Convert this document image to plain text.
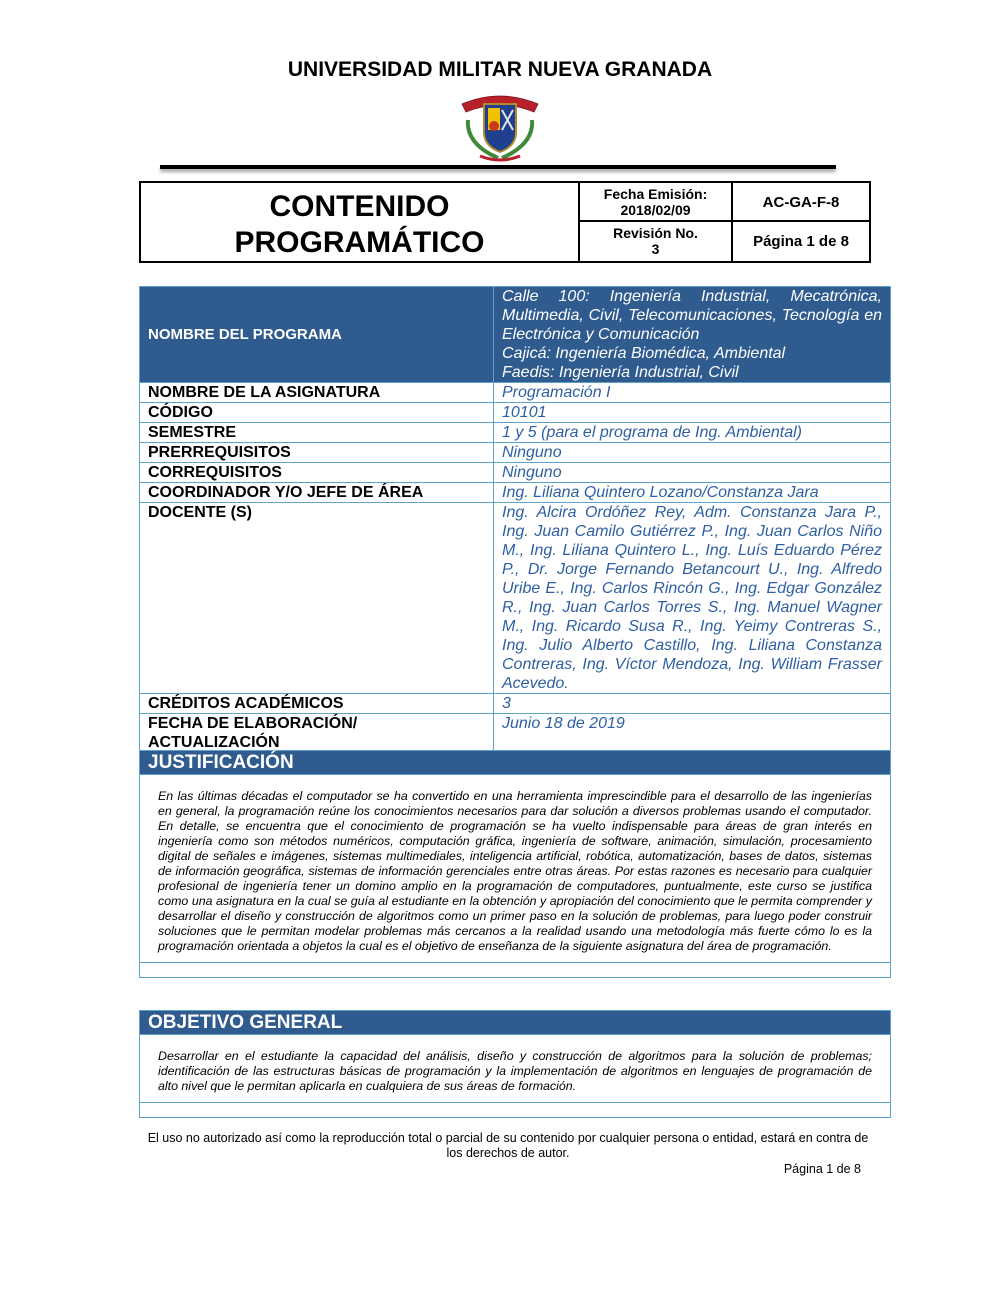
UNIVERSIDAD MILITAR NUEVA GRANADA
CONTENIDO
PROGRAMÁTICO
Fecha Emisión:
2018/02/09	AC-GA-F-8
Revisión No.
3	Página 1 de 8
NOMBRE DEL PROGRAMA	Calle 100: Ingeniería Industrial, Mecatrónica, Multimedia, Civil, Telecomunicaciones, Tecnología en Electrónica y Comunicación
Cajicá: Ingeniería Biomédica, Ambiental
Faedis: Ingeniería Industrial, Civil

NOMBRE DE LA ASIGNATURA	Programación I
CÓDIGO	10101
SEMESTRE	1 y 5 (para el programa de Ing. Ambiental)
PRERREQUISITOS	Ninguno
CORREQUISITOS	Ninguno
COORDINADOR Y/O JEFE DE ÁREA	Ing. Liliana Quintero Lozano/Constanza Jara
DOCENTE (S)	Ing. Alcira Ordóñez Rey, Adm. Constanza Jara P., Ing. Juan Camilo Gutiérrez P., Ing. Juan Carlos Niño M., Ing. Liliana Quintero L., Ing. Luís Eduardo Pérez P., Dr. Jorge Fernando Betancourt U., Ing. Alfredo Uribe E., Ing. Carlos Rincón G., Ing. Edgar González R., Ing. Juan Carlos Torres S., Ing. Manuel Wagner M., Ing. Ricardo Susa R., Ing. Yeimy Contreras S., Ing. Julio Alberto Castillo, Ing. Liliana Constanza Contreras, Ing. Víctor Mendoza, Ing. William Frasser Acevedo.
CRÉDITOS ACADÉMICOS	3
FECHA DE ELABORACIÓN/ ACTUALIZACIÓN	Junio 18 de 2019
JUSTIFICACIÓN
En las últimas décadas el computador se ha convertido en una herramienta imprescindible para el desarrollo de las ingenierías en general, la programación reúne los conocimientos necesarios para dar solución a diversos problemas usando el computador. En detalle, se encuentra que el conocimiento de programación se ha vuelto indispensable para áreas de gran interés en ingeniería como son métodos numéricos, computación gráfica, ingeniería de software, animación, simulación, procesamiento digital de señales e imágenes, sistemas multimediales, inteligencia artificial, robótica, automatización, bases de datos, sistemas de información geográfica, sistemas de información gerenciales entre otras áreas. Por estas razones es necesario para cualquier profesional de ingeniería tener un domino amplio en la programación de computadores, puntualmente, este curso se justifica como una asignatura en la cual se guía al estudiante en la obtención y apropiación del conocimiento que le permita comprender y desarrollar el diseño y construcción de algoritmos como un primer paso en la solución de problemas, para luego poder construir soluciones que le permitan modelar problemas más cercanos a la realidad usando una metodología más fuerte cómo lo es la programación orientada a objetos la cual es el objetivo de enseñanza de la siguiente asignatura del área de programación.
OBJETIVO GENERAL
Desarrollar en el estudiante la capacidad del análisis, diseño y construcción de algoritmos para la solución de problemas; identificación de las estructuras básicas de programación y la implementación de algoritmos en lenguajes de programación de alto nivel que le permitan aplicarla en cualquiera de sus áreas de formación.
El uso no autorizado así como la reproducción total o parcial de su contenido por cualquier persona o entidad, estará en contra de los derechos de autor.
Página 1 de 8
